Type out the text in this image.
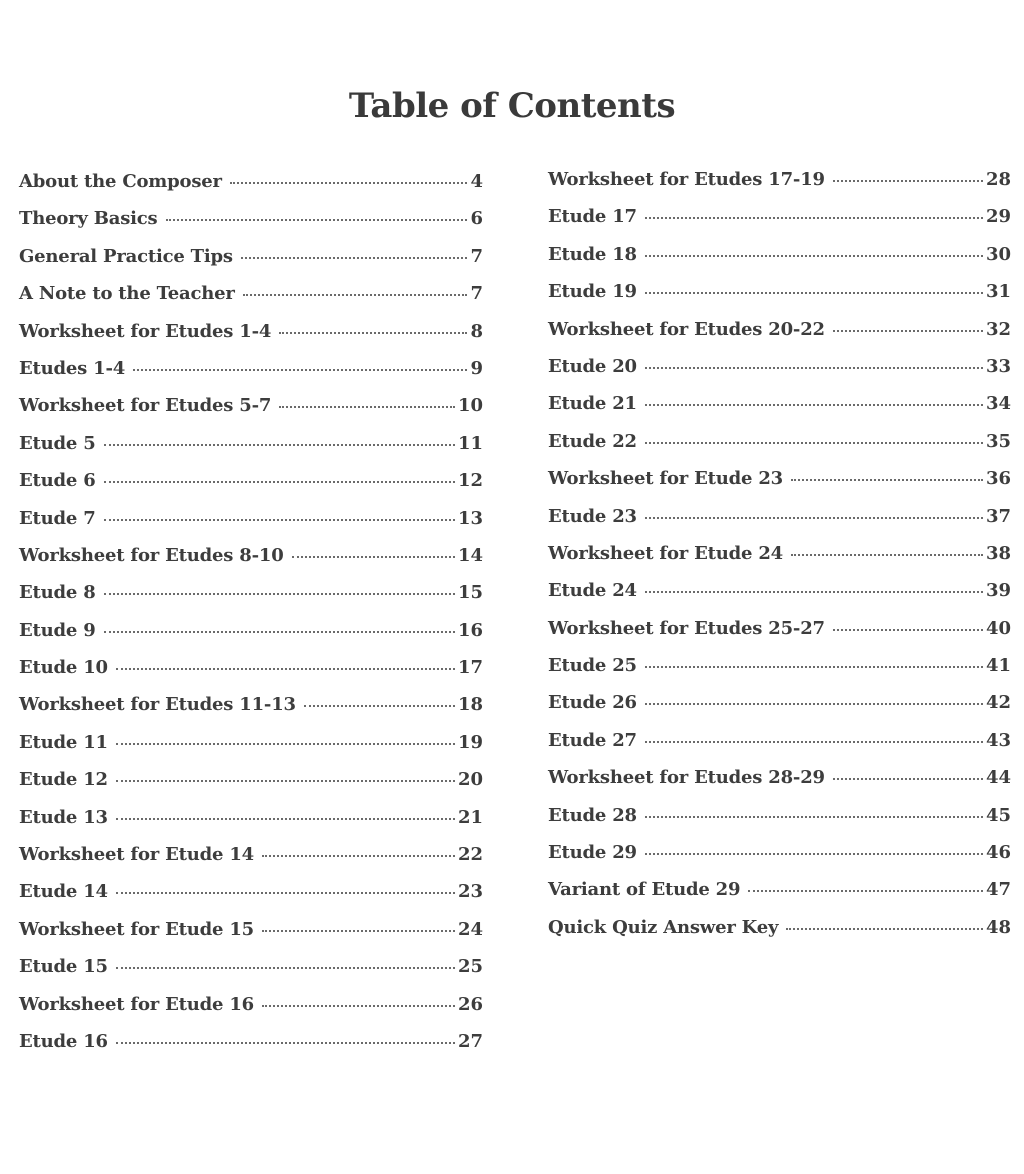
Table of Contents
About the Composer	4
Theory Basics	6
General Practice Tips	7
A Note to the Teacher	7
Worksheet for Etudes 1-4	8
Etudes 1-4	9
Worksheet for Etudes 5-7	10
Etude 5	11
Etude 6	12
Etude 7	13
Worksheet for Etudes 8-10	14
Etude 8	15
Etude 9	16
Etude 10	17
Worksheet for Etudes 11-13	18
Etude 11	19
Etude 12	20
Etude 13	21
Worksheet for Etude 14	22
Etude 14	23
Worksheet for Etude 15	24
Etude 15	25
Worksheet for Etude 16	26
Etude 16	27
Worksheet for Etudes 17-19	28
Etude 17	29
Etude 18	30
Etude 19	31
Worksheet for Etudes 20-22	32
Etude 20	33
Etude 21	34
Etude 22	35
Worksheet for Etude 23	36
Etude 23	37
Worksheet for Etude 24	38
Etude 24	39
Worksheet for Etudes 25-27	40
Etude 25	41
Etude 26	42
Etude 27	43
Worksheet for Etudes 28-29	44
Etude 28	45
Etude 29	46
Variant of Etude 29	47
Quick Quiz Answer Key	48
